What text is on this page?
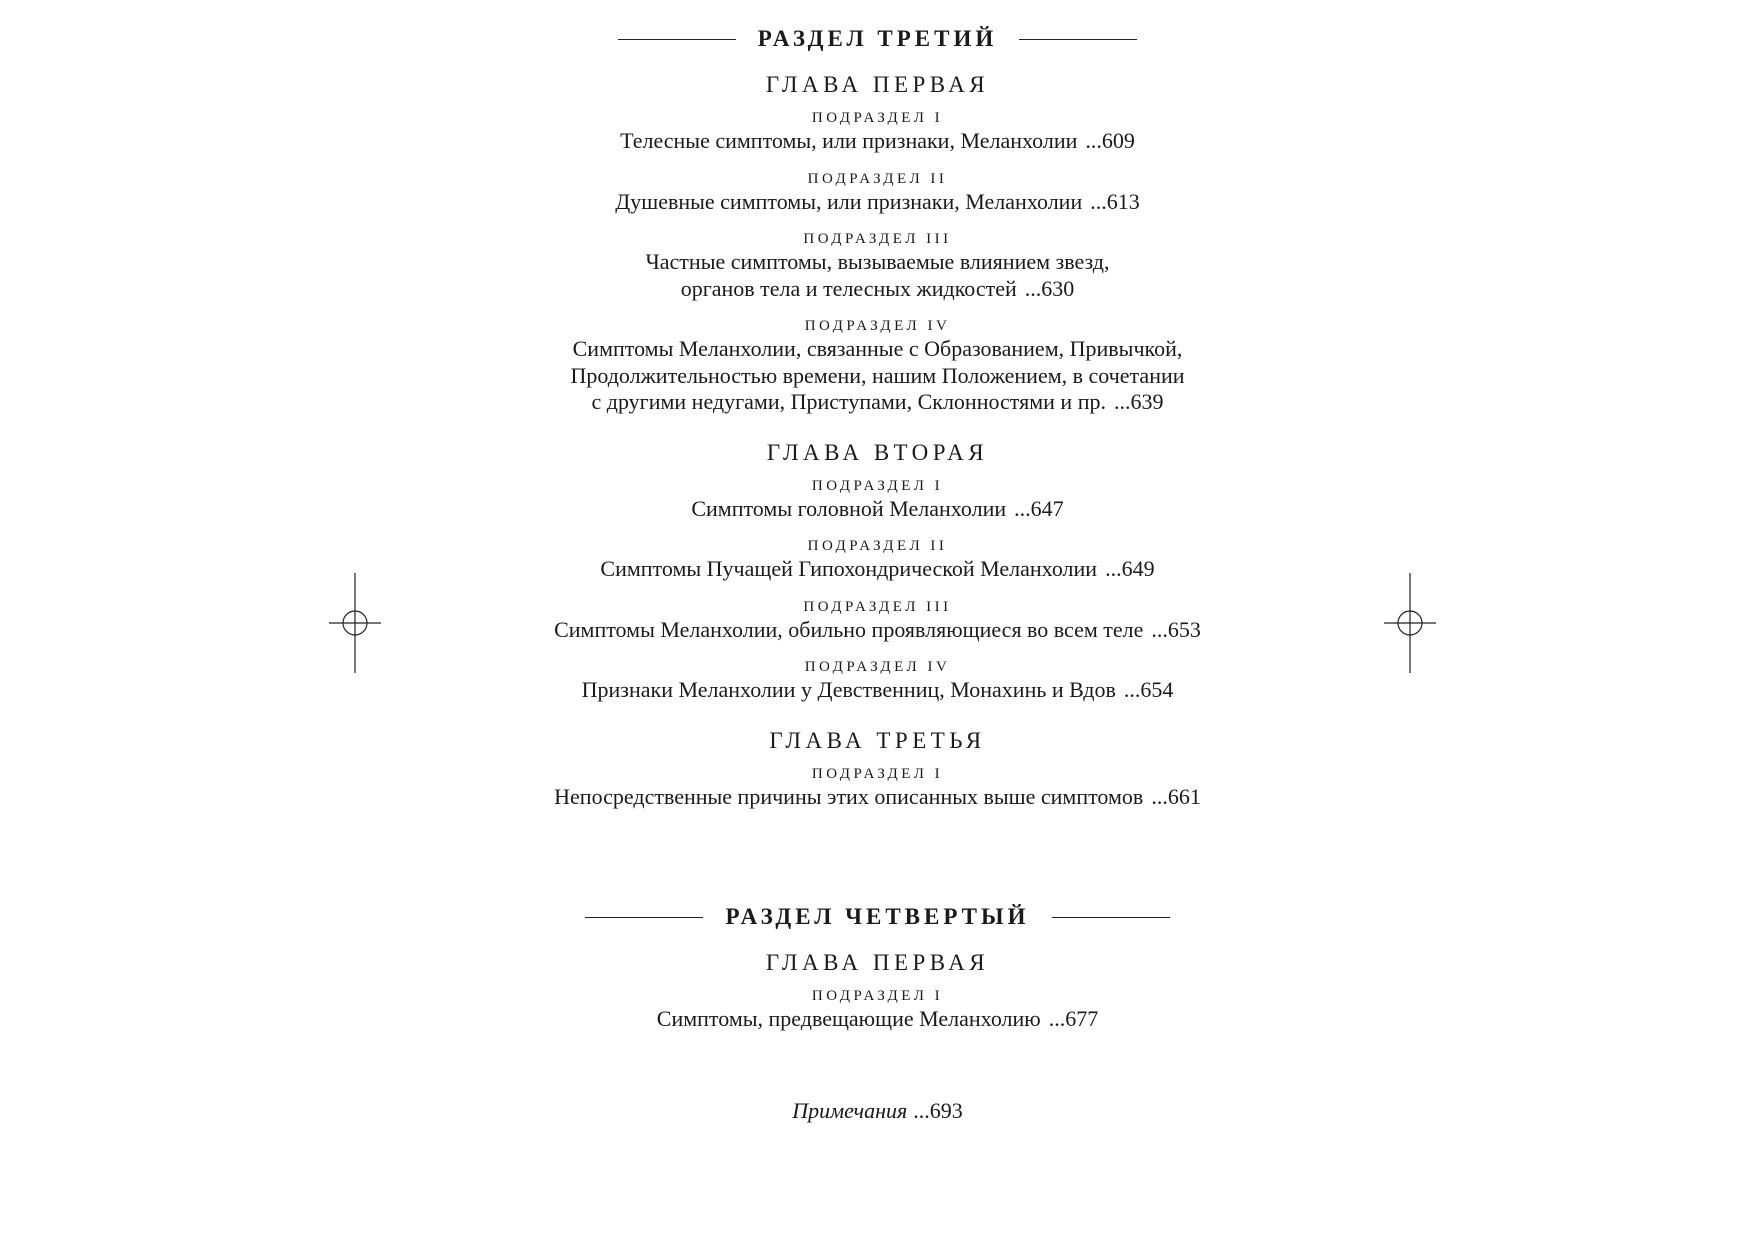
РАЗДЕЛ ТРЕТИЙ
ГЛАВА ПЕРВАЯ
ПОДРАЗДЕЛ I
Телесные симптомы, или признаки, Меланхолии ...609
ПОДРАЗДЕЛ II
Душевные симптомы, или признаки, Меланхолии ...613
ПОДРАЗДЕЛ III
Частные симптомы, вызываемые влиянием звезд,
органов тела и телесных жидкостей ...630
ПОДРАЗДЕЛ IV
Симптомы Меланхолии, связанные с Образованием, Привычкой,
Продолжительностью времени, нашим Положением, в сочетании
с другими недугами, Приступами, Склонностями и пр. ...639
ГЛАВА ВТОРАЯ
ПОДРАЗДЕЛ I
Симптомы головной Меланхолии ...647
ПОДРАЗДЕЛ II
Симптомы Пучащей Гипохондрической Меланхолии ...649
ПОДРАЗДЕЛ III
Симптомы Меланхолии, обильно проявляющиеся во всем теле ...653
ПОДРАЗДЕЛ IV
Признаки Меланхолии у Девственниц, Монахинь и Вдов ...654
ГЛАВА ТРЕТЬЯ
ПОДРАЗДЕЛ I
Непосредственные причины этих описанных выше симптомов ...661
РАЗДЕЛ ЧЕТВЕРТЫЙ
ГЛАВА ПЕРВАЯ
ПОДРАЗДЕЛ I
Симптомы, предвещающие Меланхолию ...677
Примечания ...693
